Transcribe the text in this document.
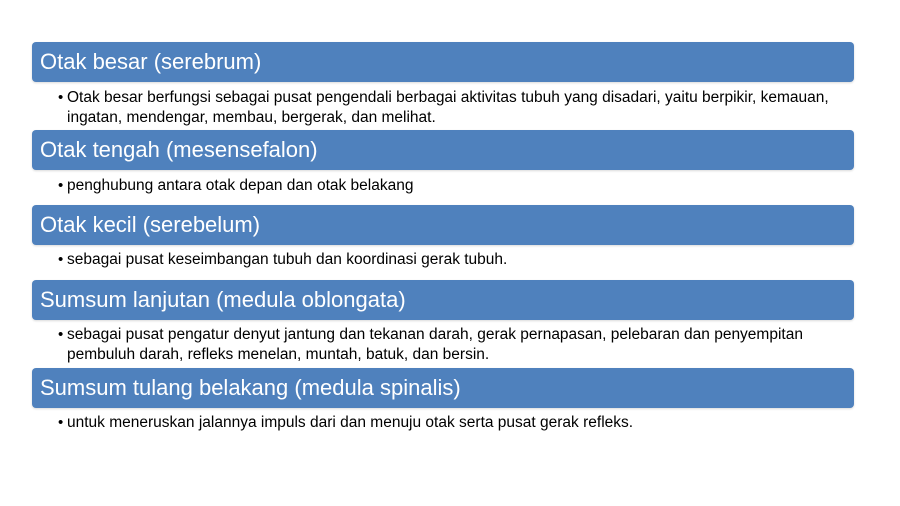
Otak besar (serebrum)
• Otak besar berfungsi sebagai pusat pengendali berbagai aktivitas tubuh yang disadari, yaitu berpikir, kemauan, ingatan, mendengar, membau, bergerak, dan melihat.
Otak tengah (mesensefalon)
• penghubung antara otak depan dan otak belakang
Otak kecil (serebelum)
• sebagai pusat keseimbangan tubuh dan koordinasi gerak tubuh.
Sumsum lanjutan (medula oblongata)
• sebagai pusat pengatur denyut jantung dan tekanan darah, gerak pernapasan, pelebaran dan penyempitan pembuluh darah, refleks menelan, muntah, batuk, dan bersin.
Sumsum tulang belakang (medula spinalis)
• untuk meneruskan jalannya impuls dari dan menuju otak serta pusat gerak refleks.
